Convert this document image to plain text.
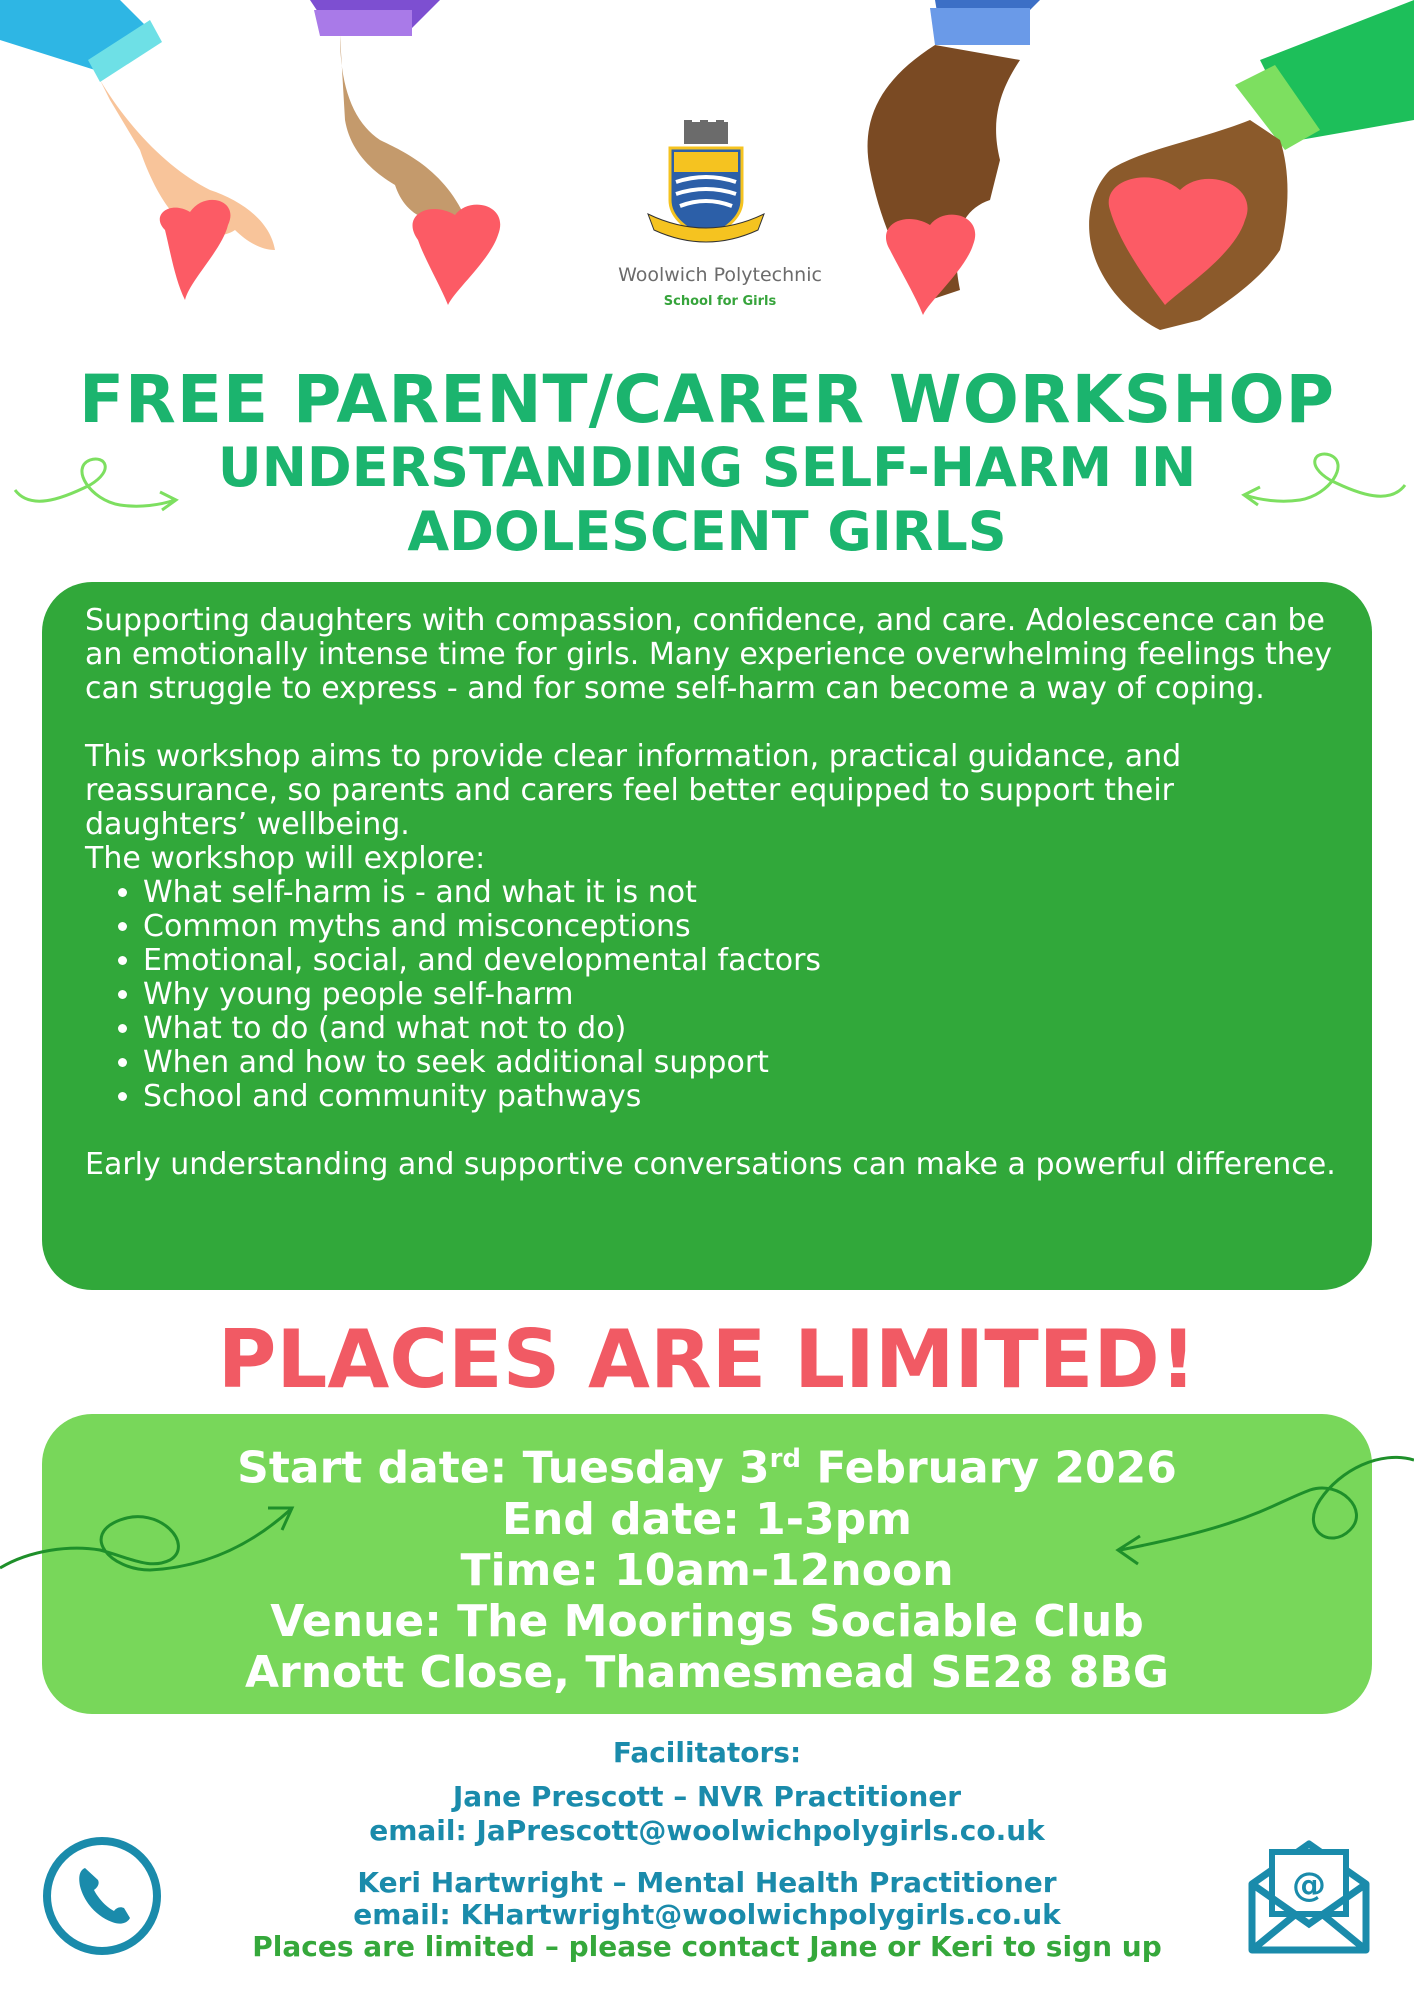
Woolwich Polytechnic
School for Girls
FREE PARENT/CARER WORKSHOP
UNDERSTANDING SELF-HARM IN
ADOLESCENT GIRLS

Supporting daughters with compassion, confidence, and care. Adolescence can be an emotionally intense time for girls. Many experience overwhelming feelings they can struggle to express - and for some self-harm can become a way of coping.

This workshop aims to provide clear information, practical guidance, and reassurance, so parents and carers feel better equipped to support their daughters’ wellbeing.

The workshop will explore:

• What self-harm is - and what it is not
• Common myths and misconceptions
• Emotional, social, and developmental factors
• Why young people self-harm
• What to do (and what not to do)
• When and how to seek additional support
• School and community pathways

Early understanding and supportive conversations can make a powerful difference.

PLACES ARE LIMITED!
Start date: Tuesday 3rd February 2026
End date: 1-3pm
Time: 10am-12noon
Venue: The Moorings Sociable Club
Arnott Close, Thamesmead SE28 8BG
Facilitators:
Jane Prescott – NVR Practitioner
email: JaPrescott@woolwichpolygirls.co.uk
Keri Hartwright – Mental Health Practitioner
email: KHartwright@woolwichpolygirls.co.uk
Places are limited – please contact Jane or Keri to sign up
@
